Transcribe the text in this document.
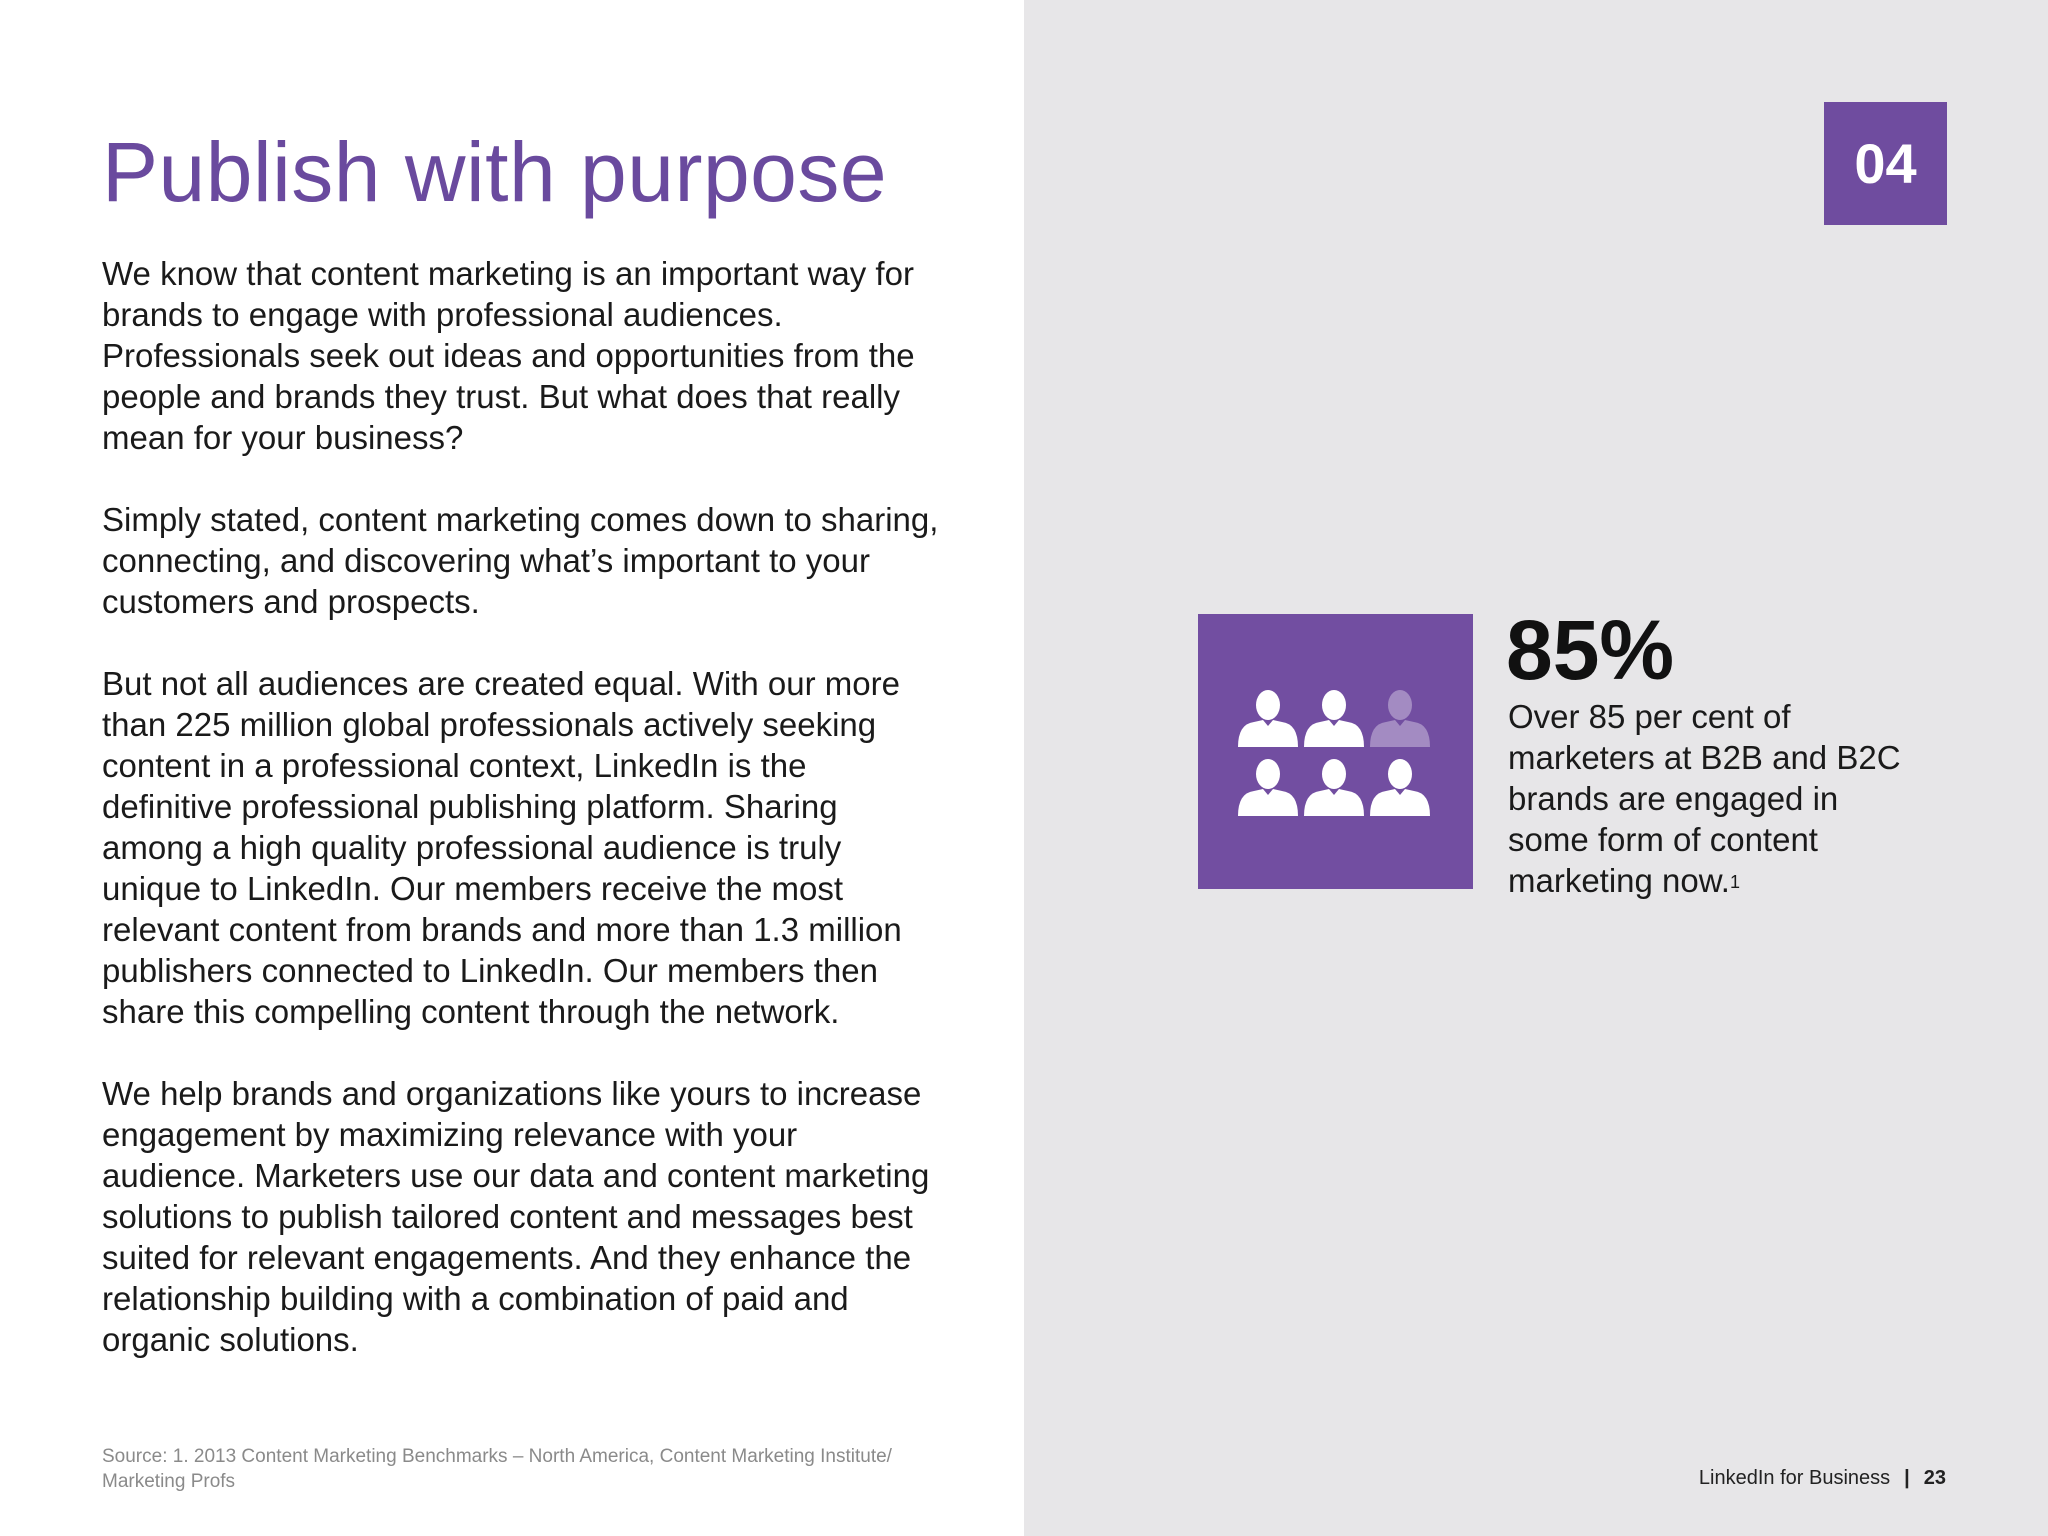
Publish with purpose

We know that content marketing is an important way for brands to engage with professional audiences. Professionals seek out ideas and opportunities from the people and brands they trust. But what does that really mean for your business?

Simply stated, content marketing comes down to sharing, connecting, and discovering what’s important to your customers and prospects.

But not all audiences are created equal. With our more than 225 million global professionals actively seeking content in a professional context, LinkedIn is the definitive professional publishing platform. Sharing among a high quality professional audience is truly unique to LinkedIn. Our members receive the most relevant content from brands and more than 1.3 million publishers connected to LinkedIn. Our members then share this compelling content through the network.

We help brands and organizations like yours to increase engagement by maximizing relevance with your audience. Marketers use our data and content marketing solutions to publish tailored content and messages best suited for relevant engagements. And they enhance the relationship building with a combination of paid and organic solutions.

Source: 1. 2013 Content Marketing Benchmarks – North America, Content Marketing Institute/
Marketing Profs
04
85%
Over 85 per cent of marketers at B2B and B2C brands are engaged in some form of content marketing now.$^1$
LinkedIn for Business | 23
